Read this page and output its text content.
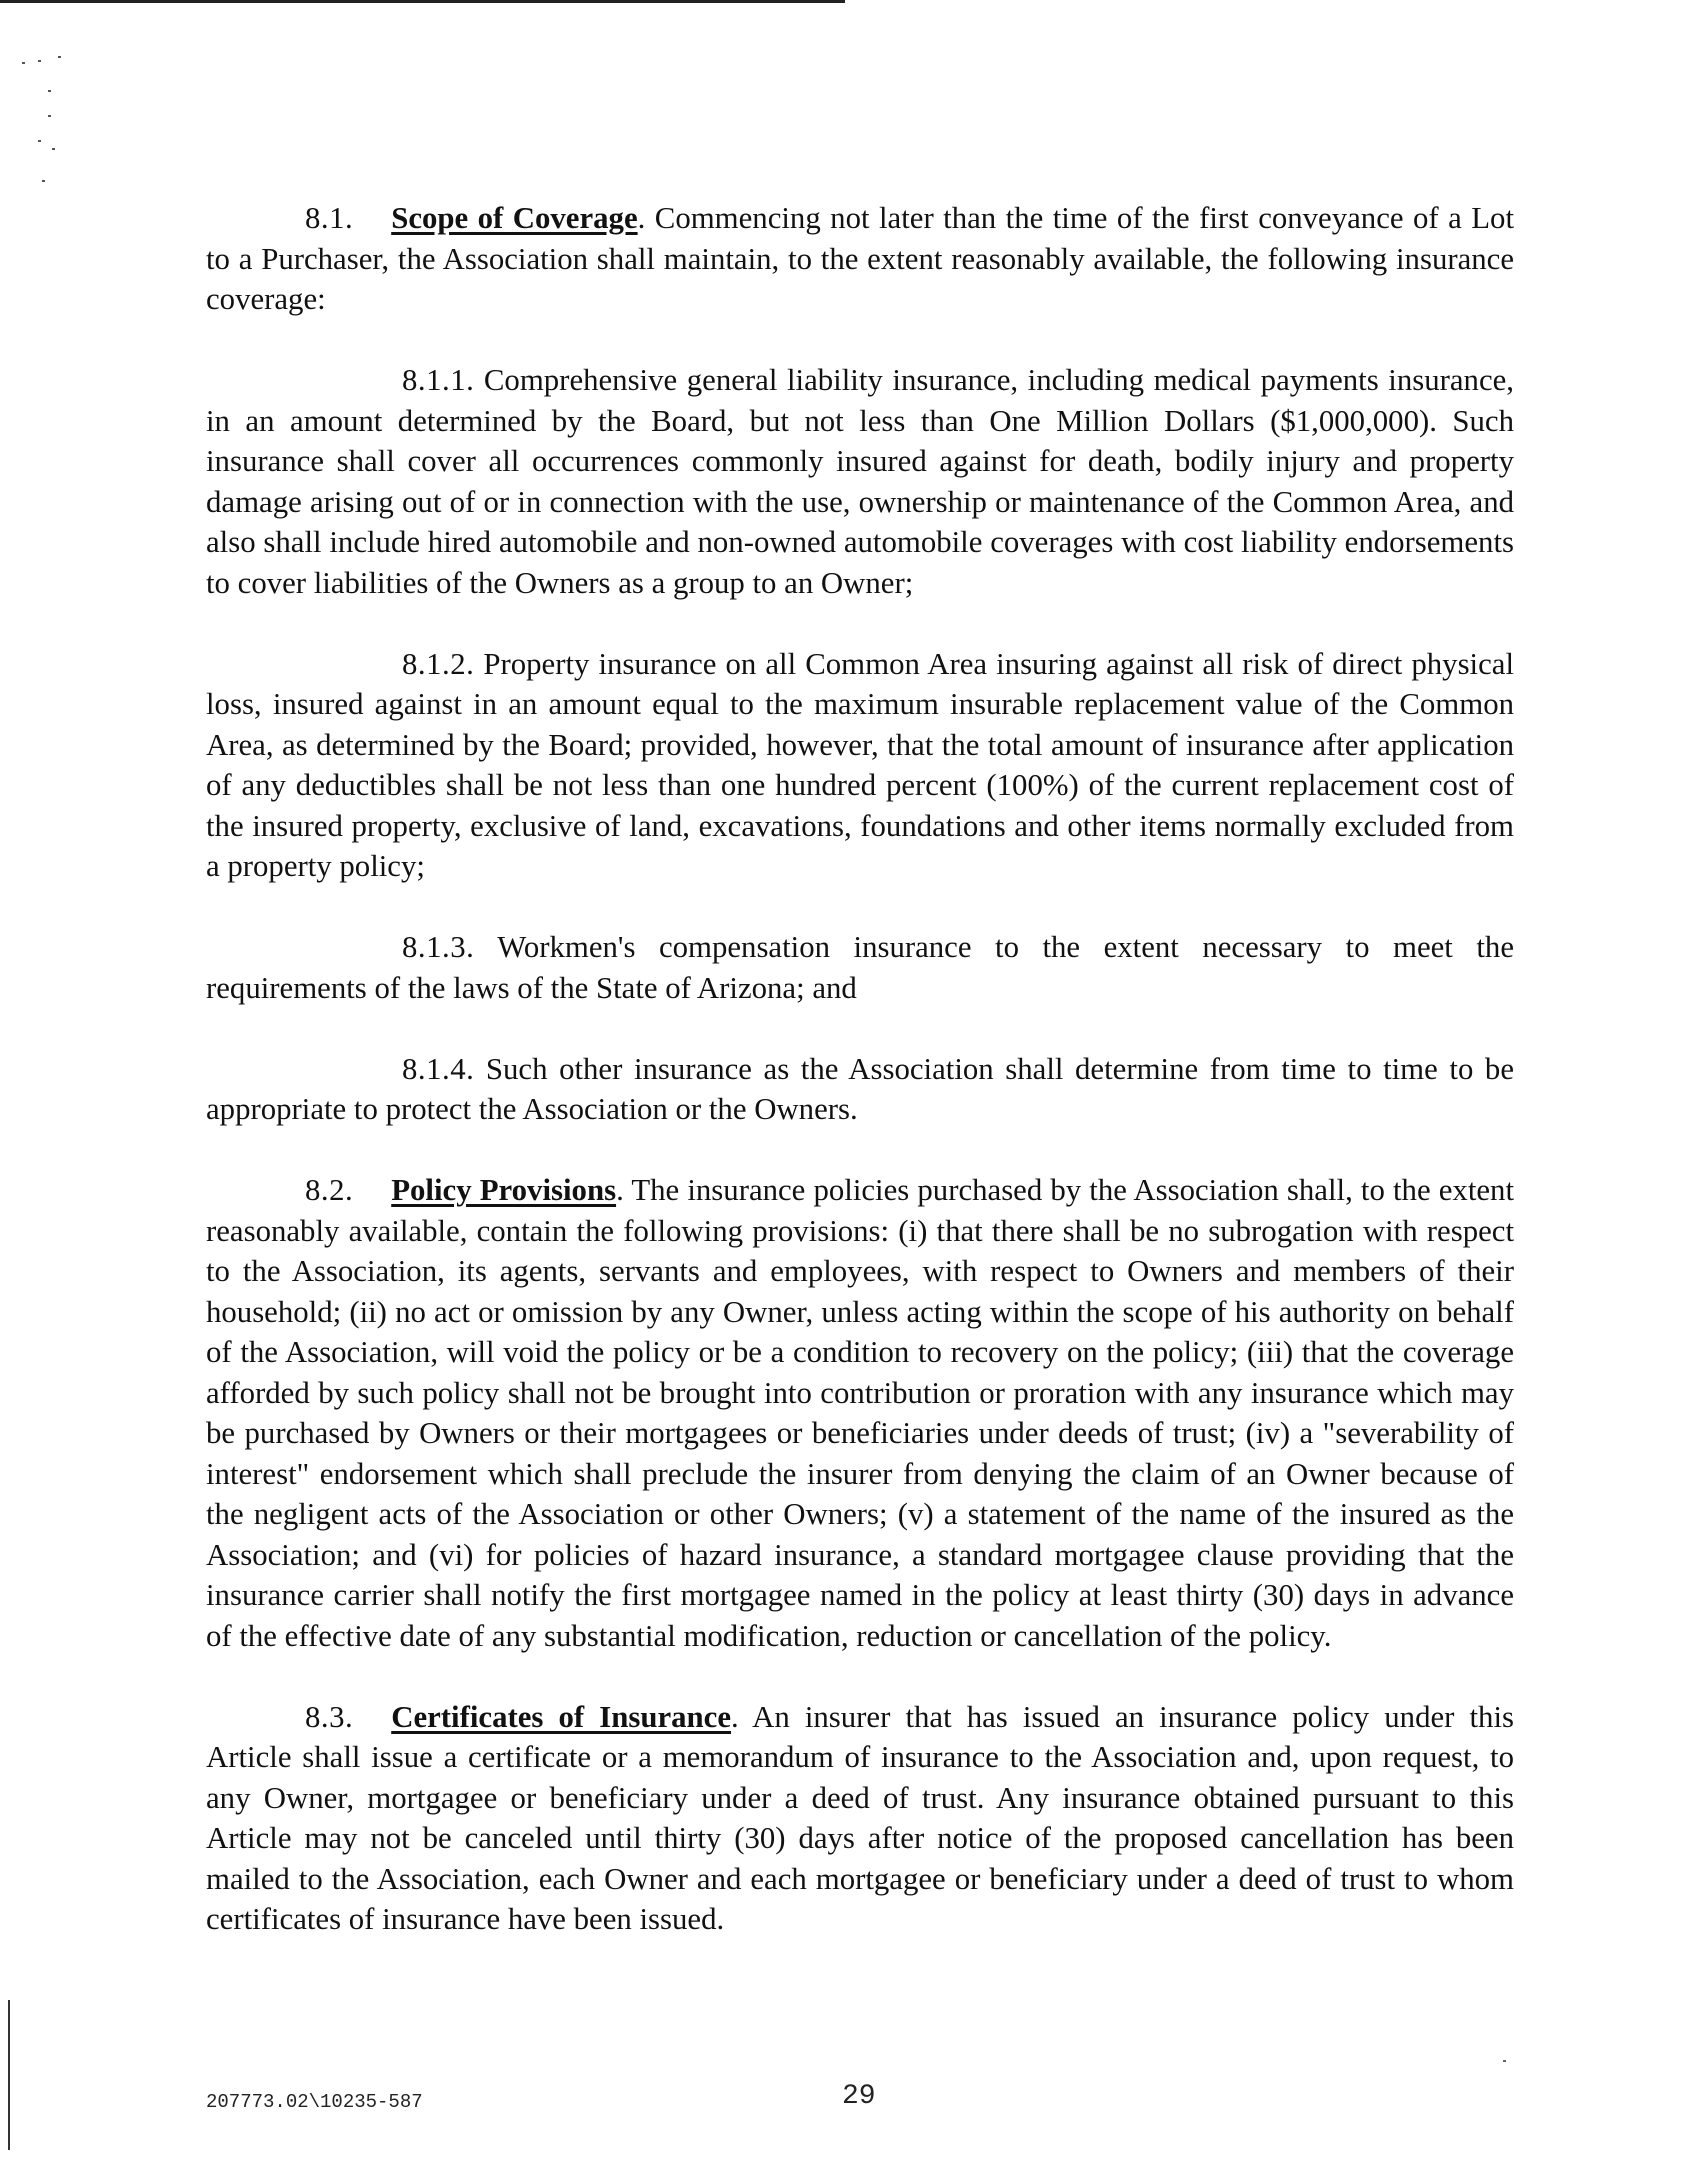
8.1. Scope of Coverage. Commencing not later than the time of the first conveyance of a Lot to a Purchaser, the Association shall maintain, to the extent reasonably available, the following insurance coverage:

8.1.1. Comprehensive general liability insurance, including medical payments insurance, in an amount determined by the Board, but not less than One Million Dollars ($1,000,000). Such insurance shall cover all occurrences commonly insured against for death, bodily injury and property damage arising out of or in connection with the use, ownership or maintenance of the Common Area, and also shall include hired automobile and non-owned automobile coverages with cost liability endorsements to cover liabilities of the Owners as a group to an Owner;

8.1.2. Property insurance on all Common Area insuring against all risk of direct physical loss, insured against in an amount equal to the maximum insurable replacement value of the Common Area, as determined by the Board; provided, however, that the total amount of insurance after application of any deductibles shall be not less than one hundred percent (100%) of the current replacement cost of the insured property, exclusive of land, excavations, foundations and other items normally excluded from a property policy;

8.1.3. Workmen's compensation insurance to the extent necessary to meet the requirements of the laws of the State of Arizona; and

8.1.4. Such other insurance as the Association shall determine from time to time to be appropriate to protect the Association or the Owners.

8.2. Policy Provisions. The insurance policies purchased by the Association shall, to the extent reasonably available, contain the following provisions: (i) that there shall be no subrogation with respect to the Association, its agents, servants and employees, with respect to Owners and members of their household; (ii) no act or omission by any Owner, unless acting within the scope of his authority on behalf of the Association, will void the policy or be a condition to recovery on the policy; (iii) that the coverage afforded by such policy shall not be brought into contribution or proration with any insurance which may be purchased by Owners or their mortgagees or beneficiaries under deeds of trust; (iv) a "severability of interest" endorsement which shall preclude the insurer from denying the claim of an Owner because of the negligent acts of the Association or other Owners; (v) a statement of the name of the insured as the Association; and (vi) for policies of hazard insurance, a standard mortgagee clause providing that the insurance carrier shall notify the first mortgagee named in the policy at least thirty (30) days in advance of the effective date of any substantial modification, reduction or cancellation of the policy.

8.3. Certificates of Insurance. An insurer that has issued an insurance policy under this Article shall issue a certificate or a memorandum of insurance to the Association and, upon request, to any Owner, mortgagee or beneficiary under a deed of trust. Any insurance obtained pursuant to this Article may not be canceled until thirty (30) days after notice of the proposed cancellation has been mailed to the Association, each Owner and each mortgagee or beneficiary under a deed of trust to whom certificates of insurance have been issued.

207773.02\10235-587	29
